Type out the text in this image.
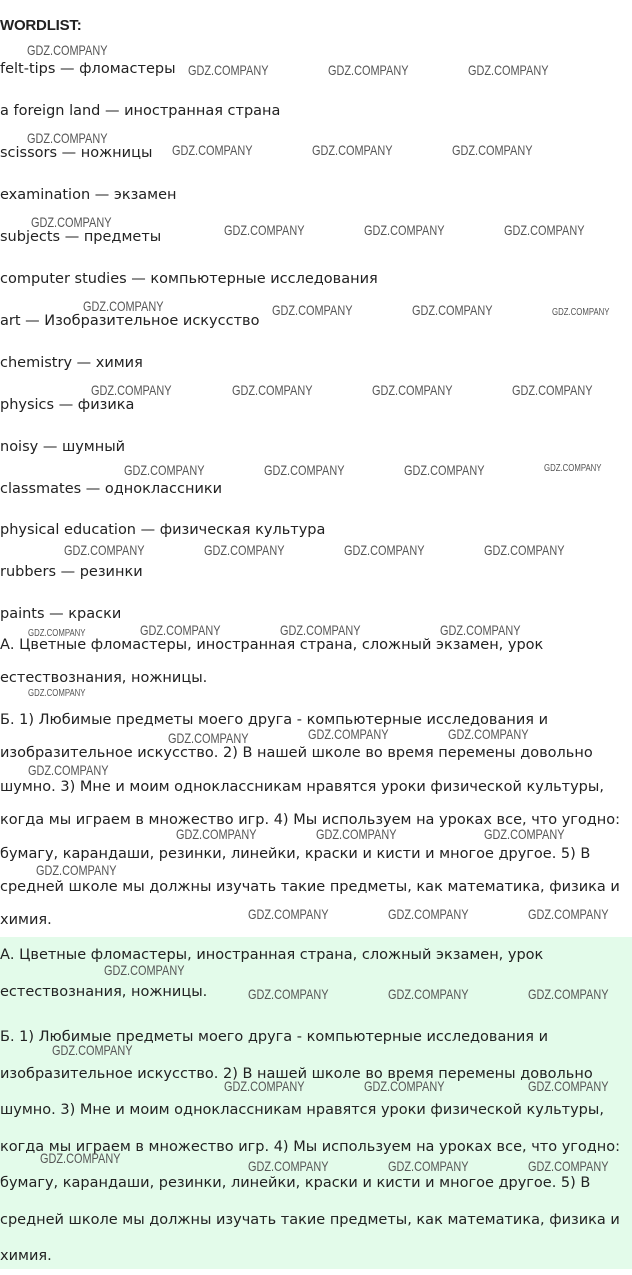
WORDLIST:
felt-tips — фломастеры
a foreign land — иностранная страна
scissors — ножницы
examination — экзамен
subjects — предметы
computer studies — компьютерные исследования
art — Изобразительное искусство
chemistry — химия
physics — физика
noisy — шумный
classmates — одноклассники
physical education — физическая культура
rubbers — резинки
paints — краски

А. Цветные фломастеры, иностранная страна, сложный экзамен, урок естествознания, ножницы.

Б. 1) Любимые предметы моего друга - компьютерные исследования и изобразительное искусство. 2) В нашей школе во время перемены довольно шумно. 3) Мне и моим одноклассникам нравятся уроки физической культуры, когда мы играем в множество игр. 4) Мы используем на уроках все, что угодно: бумагу, карандаши, резинки, линейки, краски и кисти и многое другое. 5) В средней школе мы должны изучать такие предметы, как математика, физика и химия.

А. Цветные фломастеры, иностранная страна, сложный экзамен, урок естествознания, ножницы.

Б. 1) Любимые предметы моего друга - компьютерные исследования и изобразительное искусство. 2) В нашей школе во время перемены довольно шумно. 3) Мне и моим одноклассникам нравятся уроки физической культуры, когда мы играем в множество игр. 4) Мы используем на уроках все, что угодно: бумагу, карандаши, резинки, линейки, краски и кисти и многое другое. 5) В средней школе мы должны изучать такие предметы, как математика, физика и химия.

GDZ.COMPANY
GDZ.COMPANY	GDZ.COMPANY	GDZ.COMPANY
GDZ.COMPANY
GDZ.COMPANY	GDZ.COMPANY	GDZ.COMPANY
GDZ.COMPANY	GDZ.COMPANY	GDZ.COMPANY	GDZ.COMPANY
GDZ.COMPANY	GDZ.COMPANY	GDZ.COMPANY	GDZ.COMPANY
GDZ.COMPANY	GDZ.COMPANY	GDZ.COMPANY	GDZ.COMPANY
GDZ.COMPANY	GDZ.COMPANY	GDZ.COMPANY	GDZ.COMPANY
GDZ.COMPANY	GDZ.COMPANY	GDZ.COMPANY	GDZ.COMPANY
GDZ.COMPANY	GDZ.COMPANY	GDZ.COMPANY	GDZ.COMPANY
GDZ.COMPANY
GDZ.COMPANY	GDZ.COMPANY	GDZ.COMPANY
GDZ.COMPANY
GDZ.COMPANY	GDZ.COMPANY	GDZ.COMPANY
GDZ.COMPANY
GDZ.COMPANY	GDZ.COMPANY	GDZ.COMPANY
GDZ.COMPANY
GDZ.COMPANY	GDZ.COMPANY	GDZ.COMPANY
GDZ.COMPANY
GDZ.COMPANY	GDZ.COMPANY	GDZ.COMPANY
GDZ.COMPANY	GDZ.COMPANY	GDZ.COMPANY	GDZ.COMPANY
